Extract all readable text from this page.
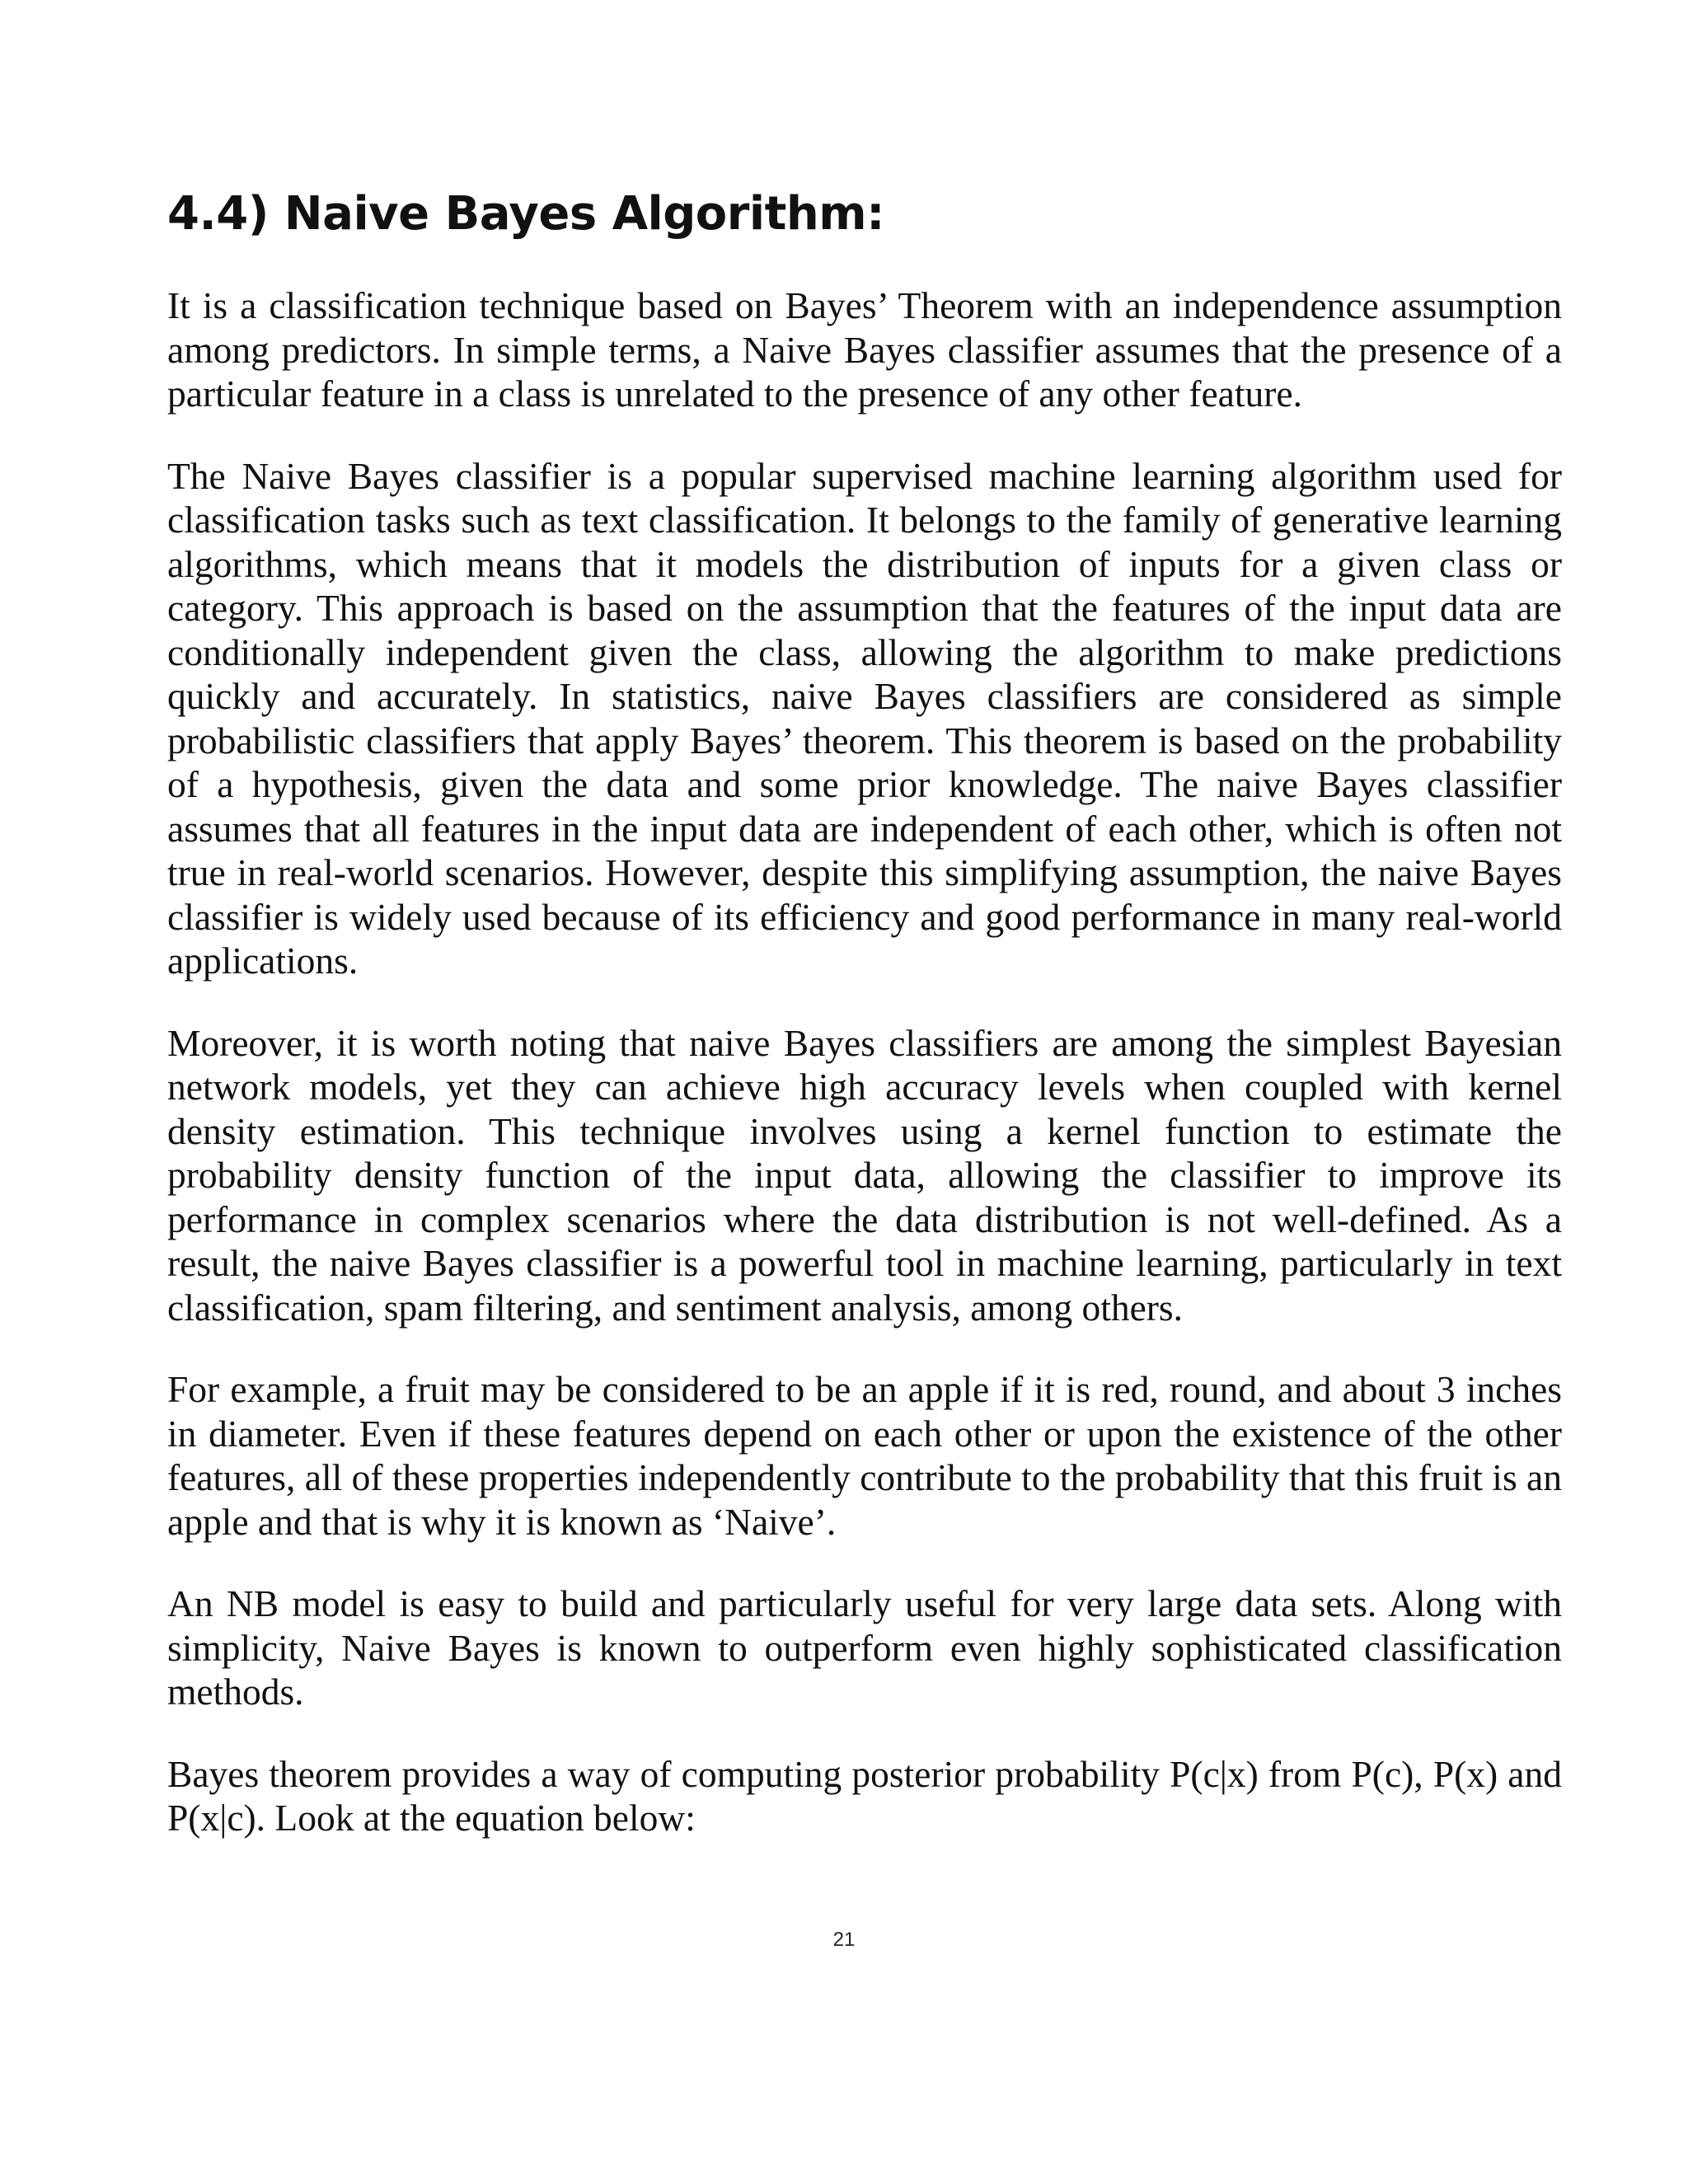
4.4) Naive Bayes Algorithm:

It is a classification technique based on Bayes’ Theorem with an independence assumption among predictors. In simple terms, a Naive Bayes classifier assumes that the presence of a particular feature in a class is unrelated to the presence of any other feature.

The Naive Bayes classifier is a popular supervised machine learning algorithm used for classification tasks such as text classification. It belongs to the family of generative learning algorithms, which means that it models the distribution of inputs for a given class or category. This approach is based on the assumption that the features of the input data are conditionally independent given the class, allowing the algorithm to make predictions quickly and accurately. In statistics, naive Bayes classifiers are considered as simple probabilistic classifiers that apply Bayes’ theorem. This theorem is based on the probability of a hypothesis, given the data and some prior knowledge. The naive Bayes classifier assumes that all features in the input data are independent of each other, which is often not true in real-world scenarios. However, despite this simplifying assumption, the naive Bayes classifier is widely used because of its efficiency and good performance in many real-world applications.

Moreover, it is worth noting that naive Bayes classifiers are among the simplest Bayesian network models, yet they can achieve high accuracy levels when coupled with kernel density estimation. This technique involves using a kernel function to estimate the probability density function of the input data, allowing the classifier to improve its performance in complex scenarios where the data distribution is not well-defined. As a result, the naive Bayes classifier is a powerful tool in machine learning, particularly in text classification, spam filtering, and sentiment analysis, among others.

For example, a fruit may be considered to be an apple if it is red, round, and about 3 inches in diameter. Even if these features depend on each other or upon the existence of the other features, all of these properties independently contribute to the probability that this fruit is an apple and that is why it is known as ‘Naive’.

An NB model is easy to build and particularly useful for very large data sets. Along with simplicity, Naive Bayes is known to outperform even highly sophisticated classification methods.

Bayes theorem provides a way of computing posterior probability P(c|x) from P(c), P(x) and P(x|c). Look at the equation below:

21
